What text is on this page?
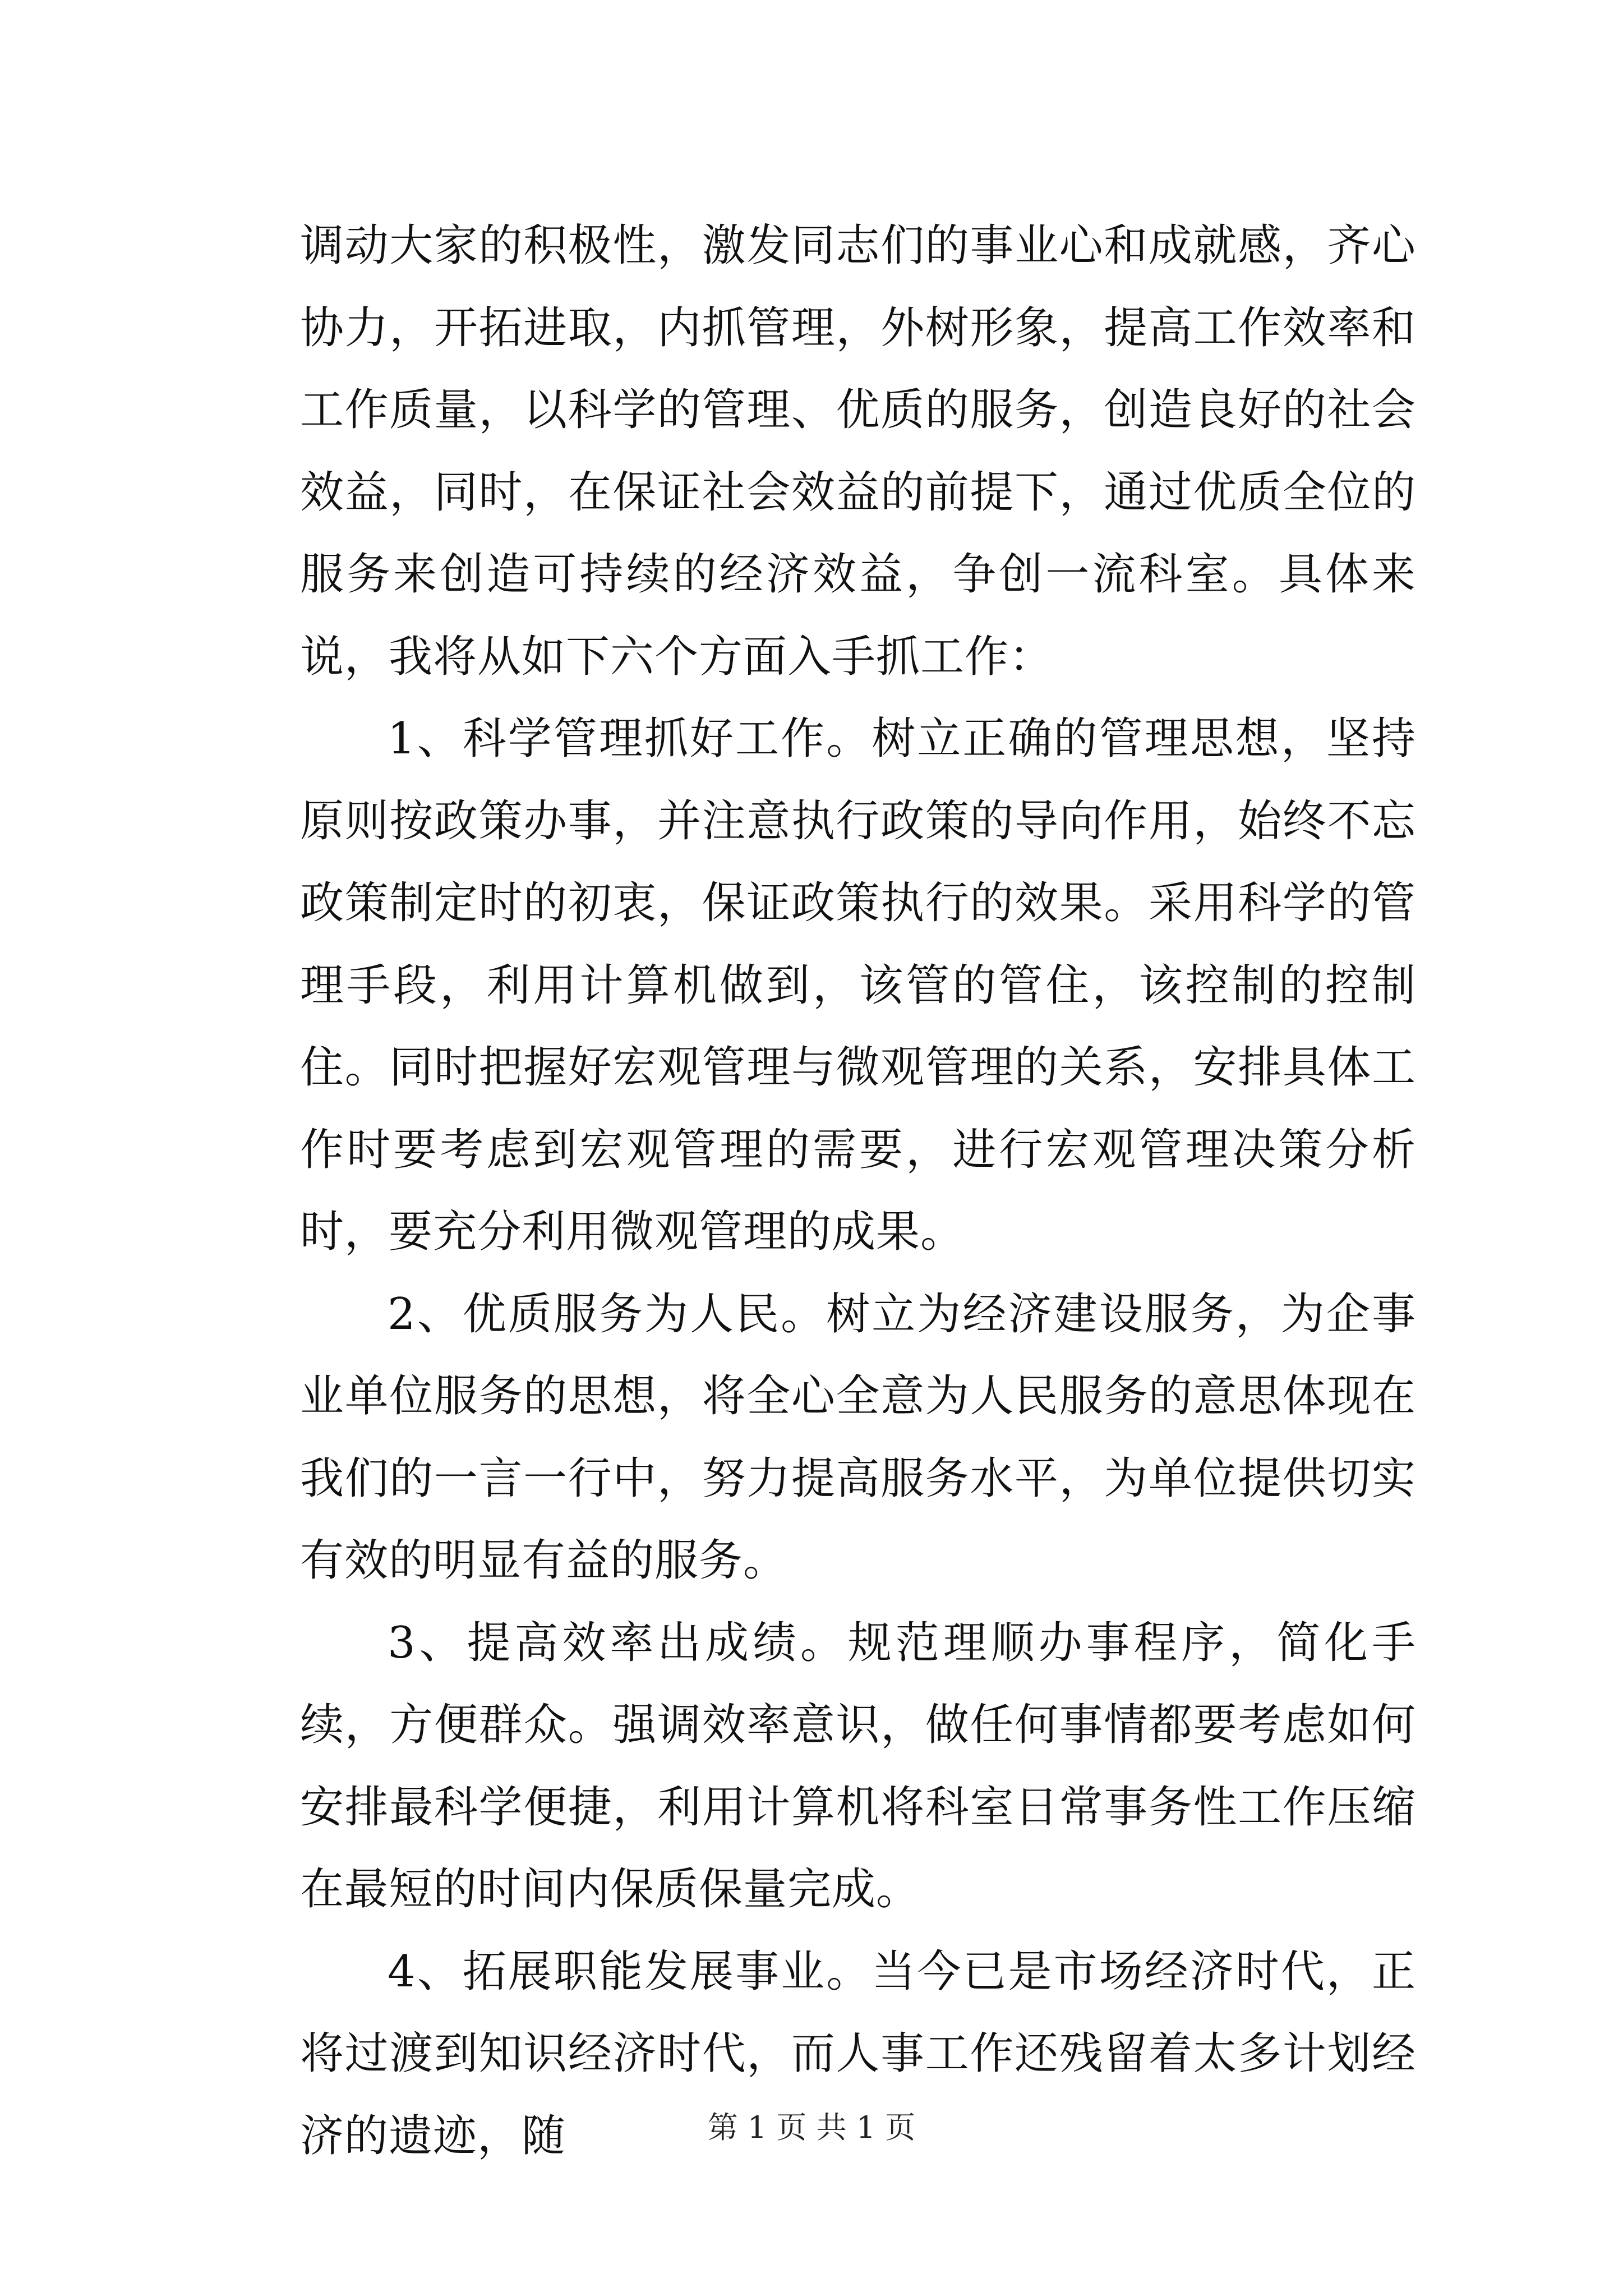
调动大家的积极性，激发同志们的事业心和成就感，齐心协力，开拓进取，内抓管理，外树形象，提高工作效率和工作质量，以科学的管理、优质的服务，创造良好的社会效益，同时，在保证社会效益的前提下，通过优质全位的服务来创造可持续的经济效益，争创一流科室。具体来说，我将从如下六个方面入手抓工作：

1、科学管理抓好工作。树立正确的管理思想，坚持原则按政策办事，并注意执行政策的导向作用，始终不忘政策制定时的初衷，保证政策执行的效果。采用科学的管理手段，利用计算机做到，该管的管住，该控制的控制住。同时把握好宏观管理与微观管理的关系，安排具体工作时要考虑到宏观管理的需要，进行宏观管理决策分析时，要充分利用微观管理的成果。

2、优质服务为人民。树立为经济建设服务，为企事业单位服务的思想，将全心全意为人民服务的意思体现在我们的一言一行中，努力提高服务水平，为单位提供切实有效的明显有益的服务。

3、提高效率出成绩。规范理顺办事程序，简化手续，方便群众。强调效率意识，做任何事情都要考虑如何安排最科学便捷，利用计算机将科室日常事务性工作压缩在最短的时间内保质保量完成。

4、拓展职能发展事业。当今已是市场经济时代，正将过渡到知识经济时代，而人事工作还残留着太多计划经济的遗迹，随	第 1 页 共 1 页
